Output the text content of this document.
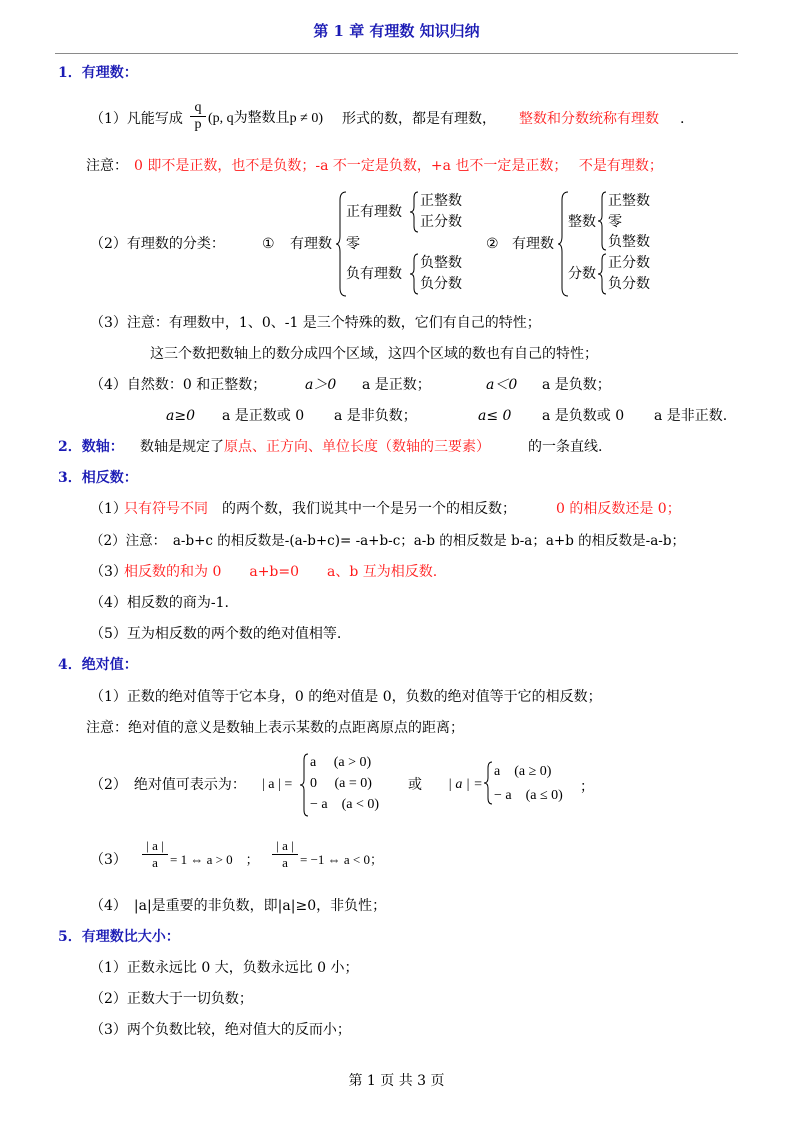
第 1 章 有理数 知识归纳
1．有理数：
（1）凡能写成 $\frac{q}{p} (p$, q为整数且p ≠ 0) 形式的数，都是有理数， 整数和分数统称有理数 .
注意： 0 即不是正数，也不是负数；-a 不一定是负数，+a 也不一定是正数；　 不是有理数；
（2）有理数的分类：	① 有理数
正有理数
正整数
正分数
零
负有理数
负整数
负分数
② 有理数
整数
正整数
零
负整数
分数
正分数
负分数
（3）注意：有理数中，1、0、-1 是三个特殊的数，它们有自己的特性；
这三个数把数轴上的数分成四个区域，这四个区域的数也有自己的特性；
（4）自然数：0 和正整数；	a＞0 a 是正数；	a＜0 a 是负数；
a≥0 a 是正数或 0 a 是非负数；	a≤ 0 a 是负数或 0 a 是非正数.
2．数轴： 数轴是规定了 原点、正方向、单位长度（数轴的三要素）	的一条直线.
3．相反数：
（1）
只有符号不同 的两个数，我们说其中一个是另一个的相反数；	0 的相反数还是 0；
（2）注意：　a-b+c 的相反数是-(a-b+c)= -a+b-c；a-b 的相反数是 b-a；a+b 的相反数是-a-b；
（3）
相反数的和为 0　　a+b=0　　a、b 互为相反数.
（4）相反数的商为-1.
（5）互为相反数的两个数的绝对值相等.
4．绝对值：
（1）正数的绝对值等于它本身，0 的绝对值是 0，负数的绝对值等于它的相反数；
注意：绝对值的意义是数轴上表示某数的点距离原点的距离；
（2）　绝对值可表示为： | a | =
a　 (a > 0)
0　 (a = 0)
− a　(a < 0)
或 | a | =
a　(a ≥ 0)
− a　(a ≤ 0)
；
$(3) \frac{| a |}{a} = 1$ ⇔ a > 0　； $\frac{| a |}{a} = -1$ ⇔ a < 0；
（4）　|a|是重要的非负数，即|a|≥0，非负性；
5．有理数比大小：
（1）正数永远比 0 大，负数永远比 0 小；
（2）正数大于一切负数；
（3）两个负数比较，绝对值大的反而小；
第 1 页 共 3 页
